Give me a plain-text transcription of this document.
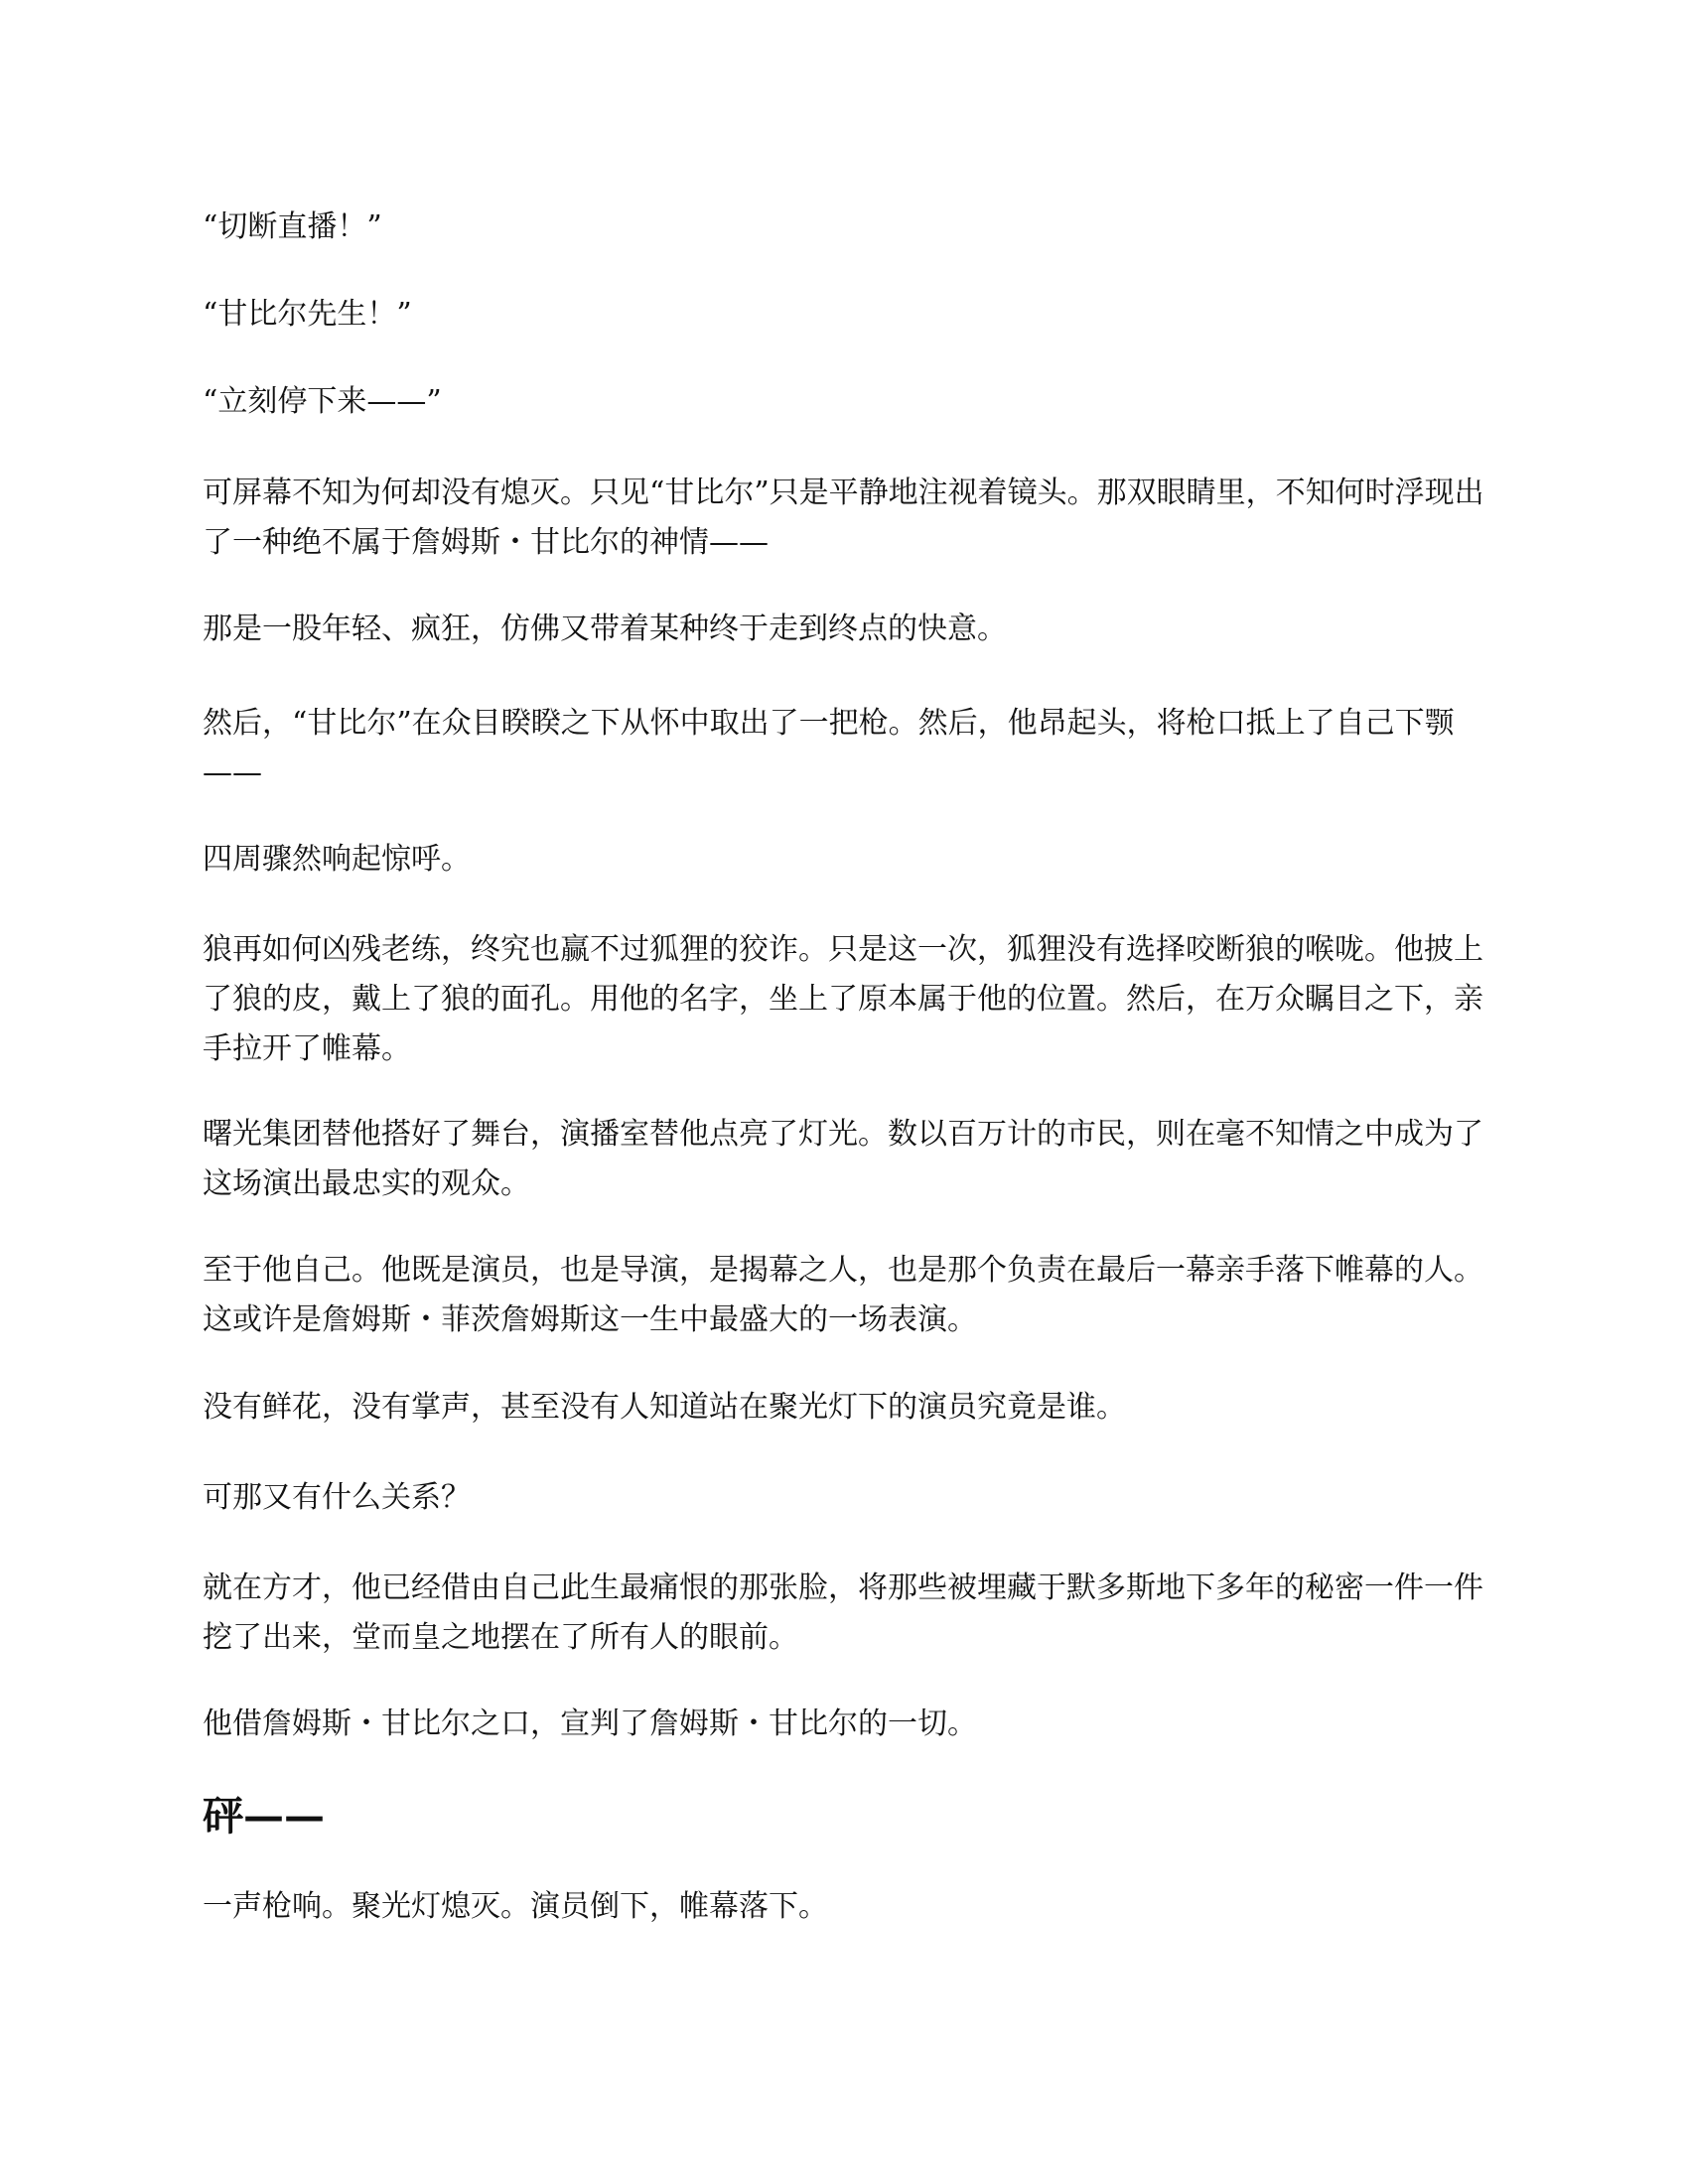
“切断直播！”

“甘比尔先生！”

“立刻停下来——”

可屏幕不知为何却没有熄灭。只见“甘比尔”只是平静地注视着镜头。那双眼睛里，不知何时浮现出了一种绝不属于詹姆斯・甘比尔的神情——

那是一股年轻、疯狂，仿佛又带着某种终于走到终点的快意。

然后，“甘比尔”在众目睽睽之下从怀中取出了一把枪。然后，他昂起头，将枪口抵上了自己下颚——

四周骤然响起惊呼。

狼再如何凶残老练，终究也赢不过狐狸的狡诈。只是这一次，狐狸没有选择咬断狼的喉咙。他披上了狼的皮，戴上了狼的面孔。用他的名字，坐上了原本属于他的位置。然后，在万众瞩目之下，亲手拉开了帷幕。

曙光集团替他搭好了舞台，演播室替他点亮了灯光。数以百万计的市民，则在毫不知情之中成为了这场演出最忠实的观众。

至于他自己。他既是演员，也是导演，是揭幕之人，也是那个负责在最后一幕亲手落下帷幕的人。这或许是詹姆斯・菲茨詹姆斯这一生中最盛大的一场表演。

没有鲜花，没有掌声，甚至没有人知道站在聚光灯下的演员究竟是谁。

可那又有什么关系？

就在方才，他已经借由自己此生最痛恨的那张脸，将那些被埋藏于默多斯地下多年的秘密一件一件挖了出来，堂而皇之地摆在了所有人的眼前。

他借詹姆斯・甘比尔之口，宣判了詹姆斯・甘比尔的一切。

砰——

一声枪响。聚光灯熄灭。演员倒下，帷幕落下。
